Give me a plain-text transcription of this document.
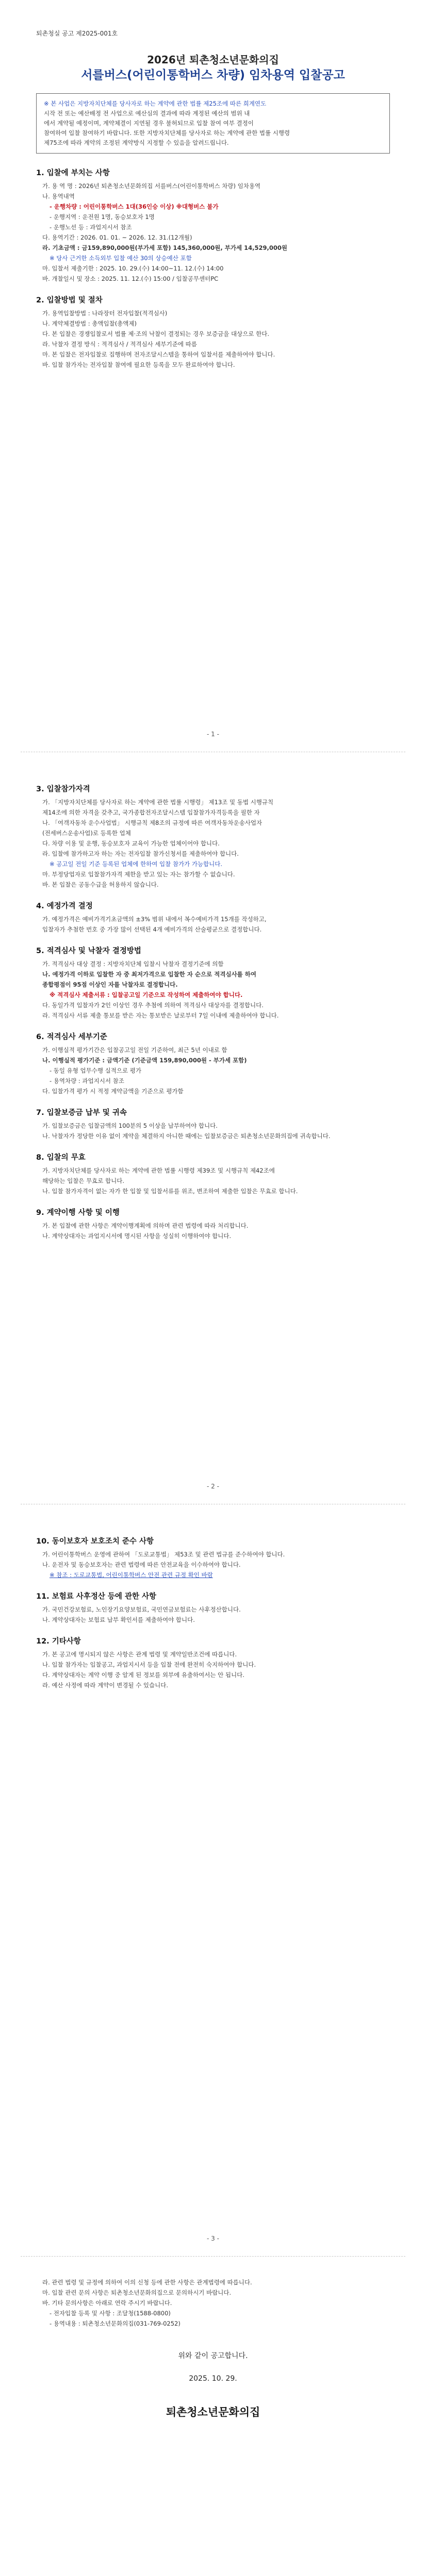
퇴촌청실 공고 제2025-001호
2026년 퇴촌청소년문화의집
서를버스(어린이통학버스 차량) 임차용역 입찰공고
※ 본 사업은 지방자치단체를 당사자로 하는 계약에 관한 법률 제25조에 따른 희계연도
시작 전 또는 예산배정 전 사업으로 예산심의 결과에 따라 계정된 예산의 범위 내
에서 계약될 예정이며, 계약체결이 지연될 경우 불허되므로 입찰 참여 여부 결정이
참여하여 입찰 참여하기 바랍니다. 또한 지방자치단체를 당사자로 하는 계약에 관한 법률 시행령
제75조에 따라 계약의 조정된 계약방식 지정할 수 있음을 알려드립니다.
1. 입찰에 부치는 사항

가. 용 역 명 : 2026년 퇴촌청소년문화의집 서를버스(어린이통학버스 차량) 임차용역

나. 용역내역

- 운행차량 : 어린이통학버스 1대(36인승 이상) ※대형버스 불가

- 운행지역 : 운전원 1명, 동승보호자 1명

- 운행노선 등 : 과업지시서 참조

다. 용역기간 : 2026. 01. 01. ~ 2026. 12. 31.(12개월)

라. 기초금액 : 금159,890,000원(부가세 포함) 145,360,000원, 부가세 14,529,000원

※ 당사 근거한 소득외부 입찰 예산 30의 상승예산 포함

마. 입찰서 제출기한 : 2025. 10. 29.(수) 14:00~11. 12.(수) 14:00

바. 개찰일시 및 장소 : 2025. 11. 12.(수) 15:00 / 입찰공무센터PC

2. 입찰방법 및 절차

가. 용역입찰방법 : 나라장터 전자입찰(적격심사)

나. 계약체결방법 : 총액입찰(총액제)

다. 본 입찰은 경쟁입찰로서 법률 제·조의 낙찰이 결정되는 경우 보증금을 대상으로 한다.

라. 낙찰자 결정 방식 : 적격심사 / 적격심사 세부기준에 따름

마. 본 입찰은 전자입찰로 집행하며 전자조달시스템을 통하여 입찰서를 제출하여야 합니다.

바. 입찰 참가자는 전자입찰 참여에 필요한 등록을 모두 완료하여야 합니다.

- 1 -
3. 입찰참가자격

가. 「지방자치단체를 당사자로 하는 계약에 관한 법률 시행령」 제13조 및 동법 시행규칙

제14조에 의한 자격을 갖추고, 국가종합전자조달시스템 입찰참가자격등록을 필한 자

나. 「여객자동차 운수사업법」 시행규칙 제8조의 규정에 따른 여객자동차운송사업자

(전세버스운송사업)로 등록한 업체

다. 차량 이용 및 운행, 동승보호자 교육이 가능한 업체이어야 합니다.

라. 입찰에 참가하고자 하는 자는 전자입찰 참가신청서를 제출하여야 합니다.

※ 공고일 전일 기준 등록된 업체에 한하여 입찰 참가가 가능합니다.

마. 부정당업자로 입찰참가자격 제한을 받고 있는 자는 참가할 수 없습니다.

바. 본 입찰은 공동수급을 허용하지 않습니다.

4. 예정가격 결정

가. 예정가격은 예비가격기초금액의 ±3% 범위 내에서 복수예비가격 15개를 작성하고,

입찰자가 추첨한 번호 중 가장 많이 선택된 4개 예비가격의 산술평균으로 결정합니다.

5. 적격심사 및 낙찰자 결정방법

가. 적격심사 대상 결정 : 지방자치단체 입찰시 낙찰자 결정기준에 의함

나. 예정가격 이하로 입찰한 자 중 최저가격으로 입찰한 자 순으로 적격심사를 하여

종합평점이 95점 이상인 자를 낙찰자로 결정합니다.

※ 적격심사 제출서류 : 입찰공고일 기준으로 작성하여 제출하여야 합니다.

다. 동일가격 입찰자가 2인 이상인 경우 추첨에 의하여 적격심사 대상자를 결정합니다.

라. 적격심사 서류 제출 통보를 받은 자는 통보받은 날로부터 7일 이내에 제출하여야 합니다.

6. 적격심사 세부기준

가. 이행실적 평가기간은 입찰공고일 전일 기준하여, 최근 5년 이내로 함

나. 이행실적 평가기준 : 금액기준 (기준금액 159,890,000원 - 부가세 포함)

- 동일 유형 업무수행 실적으로 평가

- 용역차량 : 과업지시서 참조

다. 입찰가격 평가 시 적정 계약금액을 기준으로 평가함

7. 입찰보증금 납부 및 귀속

가. 입찰보증금은 입찰금액의 100분의 5 이상을 납부하여야 합니다.

나. 낙찰자가 정당한 이유 없이 계약을 체결하지 아니한 때에는 입찰보증금은 퇴촌청소년문화의집에 귀속합니다.

8. 입찰의 무효

가. 지방자치단체를 당사자로 하는 계약에 관한 법률 시행령 제39조 및 시행규칙 제42조에

해당하는 입찰은 무효로 합니다.

나. 입찰 참가자격이 없는 자가 한 입찰 및 입찰서류를 위조, 변조하여 제출한 입찰은 무효로 합니다.

9. 계약이행 사항 및 이행

가. 본 입찰에 관한 사항은 계약이행계획에 의하며 관련 법령에 따라 처리합니다.

나. 계약상대자는 과업지시서에 명시된 사항을 성실히 이행하여야 합니다.

- 2 -
10. 동이보호자 보호조치 준수 사항

가. 어린이통학버스 운영에 관하여 「도로교통법」 제53조 및 관련 법규를 준수하여야 합니다.

나. 운전자 및 동승보호자는 관련 법령에 따른 안전교육을 이수하여야 합니다.

※ 참조 : 도로교통법, 어린이통학버스 안전 관련 규정 확인 바람

11. 보험료 사후정산 등에 관한 사항

가. 국민건강보험료, 노인장기요양보험료, 국민연금보험료는 사후정산합니다.

나. 계약상대자는 보험료 납부 확인서를 제출하여야 합니다.

12. 기타사항

가. 본 공고에 명시되지 않은 사항은 관계 법령 및 계약일반조건에 따릅니다.

나. 입찰 참가자는 입찰공고, 과업지시서 등을 입찰 전에 완전히 숙지하여야 합니다.

다. 계약상대자는 계약 이행 중 알게 된 정보를 외부에 유출하여서는 안 됩니다.

라. 예산 사정에 따라 계약이 변경될 수 있습니다.

- 3 -

라. 관련 법령 및 규정에 의하여 이의 신청 등에 관한 사항은 관계법령에 따릅니다.

마. 입찰 관련 문의 사항은 퇴촌청소년문화의집으로 문의하시기 바랍니다.

바. 기타 문의사항은 아래로 연락 주시기 바랍니다.

- 전자입찰 등록 및 사항 : 조달청(1588-0800)

- 용역내용 : 퇴촌청소년문화의집(031-769-0252)

위와 같이 공고합니다.
2025. 10. 29.
퇴촌청소년문화의집
